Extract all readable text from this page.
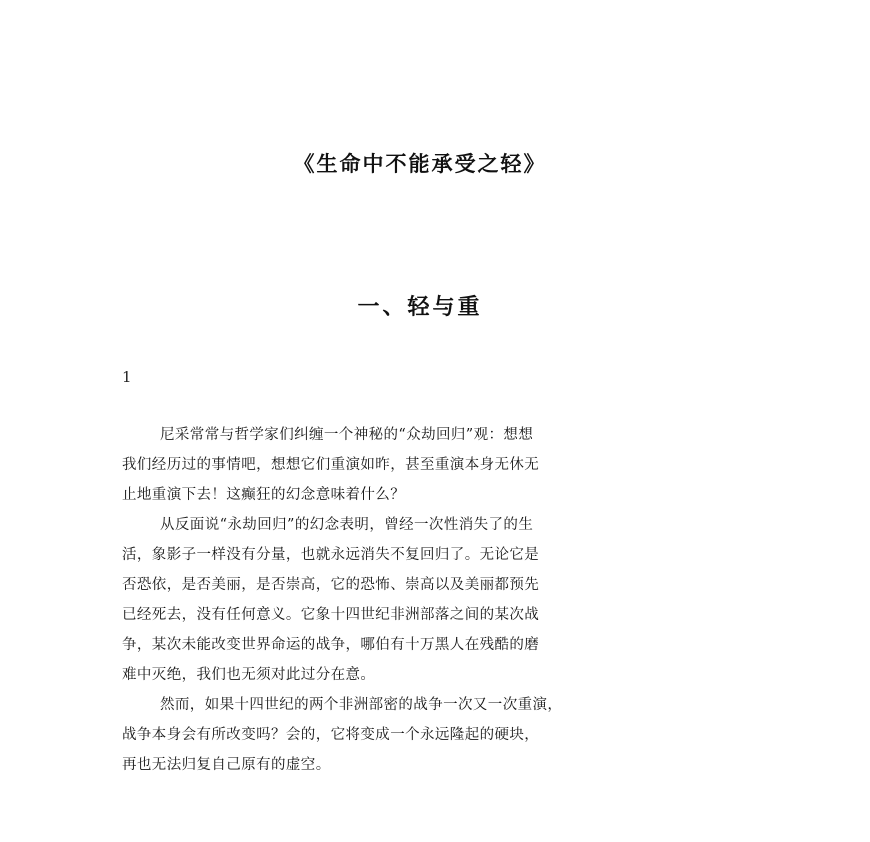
《生命中不能承受之轻》
一、轻与重
1
尼采常常与哲学家们纠缠一个神秘的“众劫回归”观：想想
我们经历过的事情吧，想想它们重演如昨，甚至重演本身无休无
止地重演下去！这癫狂的幻念意味着什么？
从反面说“永劫回归”的幻念表明，曾经一次性消失了的生
活，象影子一样没有分量，也就永远消失不复回归了。无论它是
否恐依，是否美丽，是否崇高，它的恐怖、崇高以及美丽都预先
已经死去，没有任何意义。它象十四世纪非洲部落之间的某次战
争，某次未能改变世界命运的战争，哪伯有十万黑人在残酷的磨
难中灭绝，我们也无须对此过分在意。
然而，如果十四世纪的两个非洲部密的战争一次又一次重演，
战争本身会有所改变吗？会的，它将变成一个永远隆起的硬块，
再也无法归复自己原有的虚空。
